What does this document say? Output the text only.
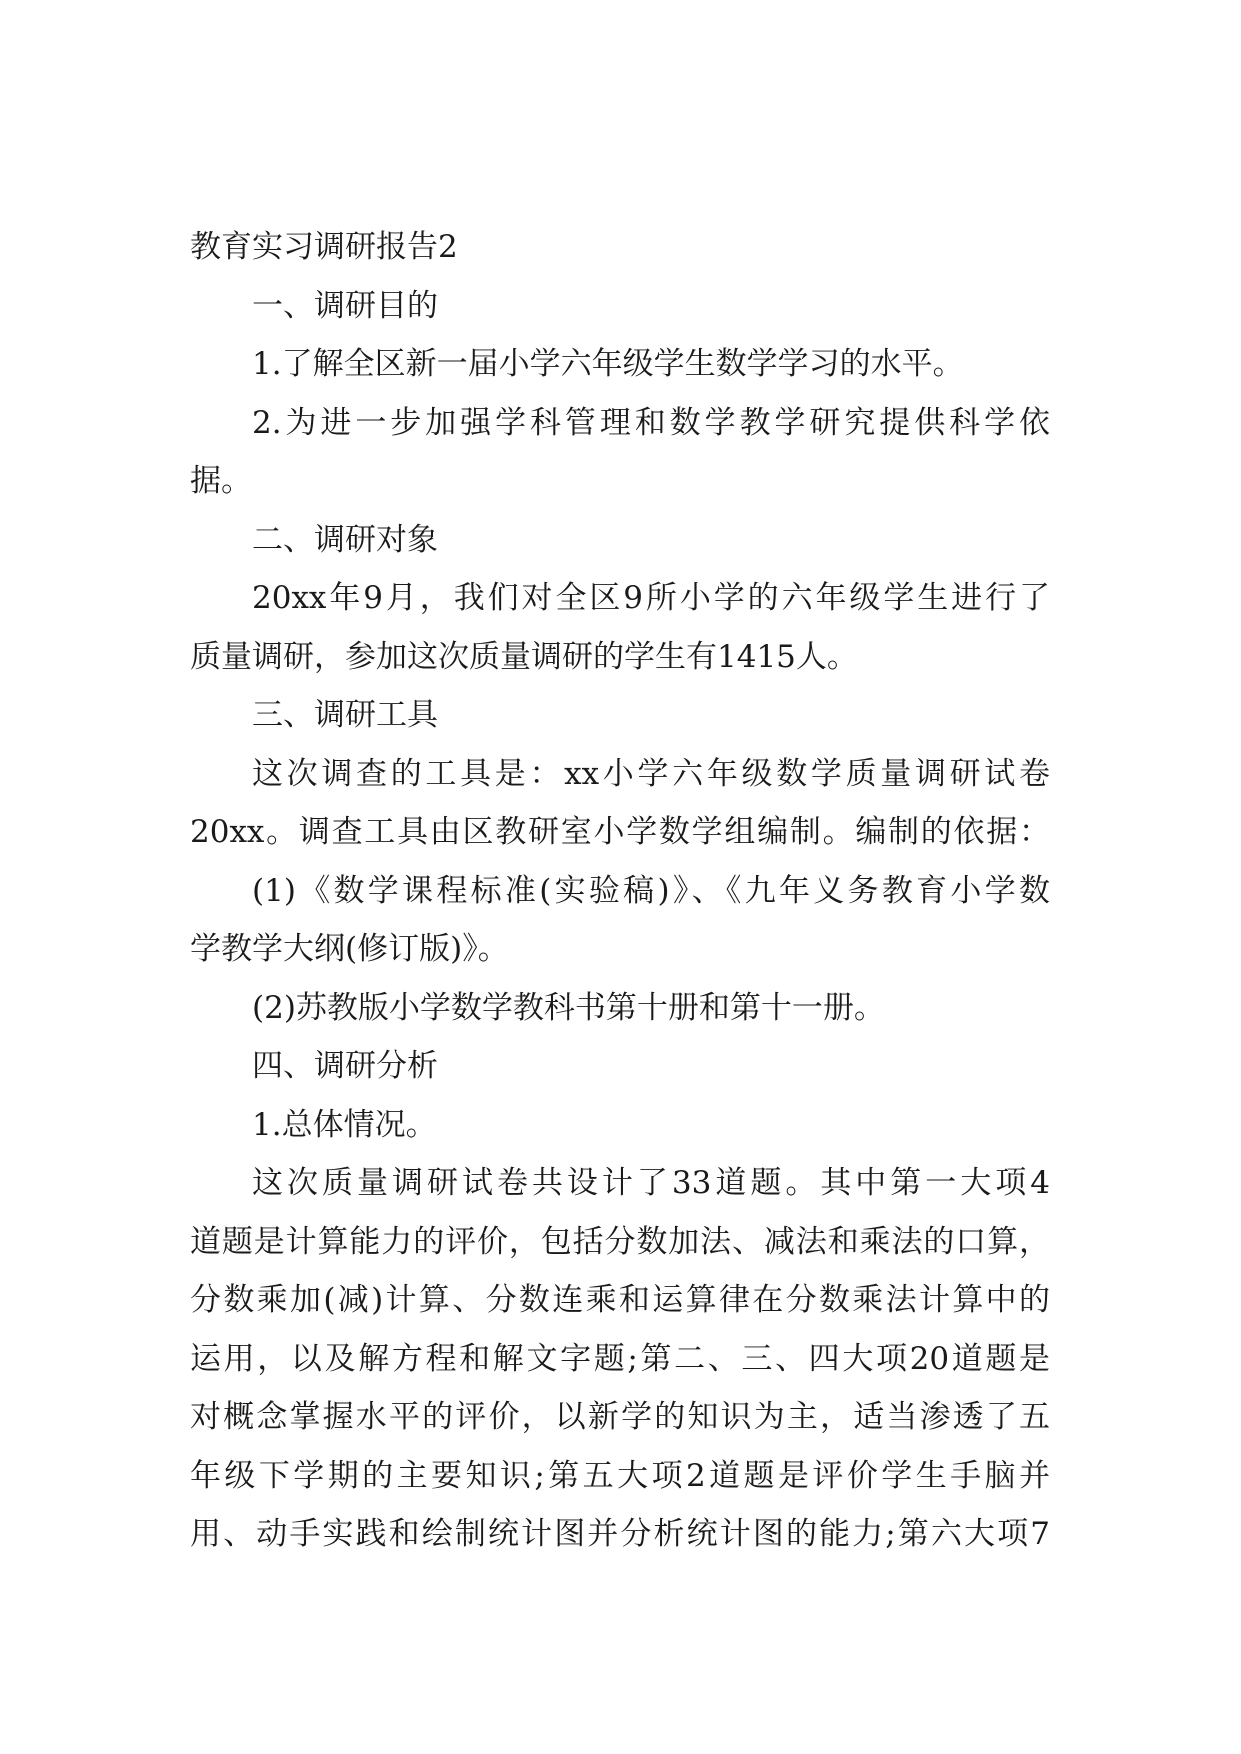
教育实习调研报告2
一、调研目的
1.了解全区新一届小学六年级学生数学学习的水平。
2.为进一步加强学科管理和数学教学研究提供科学依
据。
二、调研对象
20xx年9月，我们对全区9所小学的六年级学生进行了
质量调研，参加这次质量调研的学生有1415人。
三、调研工具
这次调查的工具是：xx小学六年级数学质量调研试卷
20xx。调查工具由区教研室小学数学组编制。编制的依据：
(1)《数学课程标准(实验稿)》、《九年义务教育小学数
学教学大纲(修订版)》。
(2)苏教版小学数学教科书第十册和第十一册。
四、调研分析
1.总体情况。
这次质量调研试卷共设计了33道题。其中第一大项4
道题是计算能力的评价，包括分数加法、减法和乘法的口算，
分数乘加(减)计算、分数连乘和运算律在分数乘法计算中的
运用，以及解方程和解文字题;第二、三、四大项20道题是
对概念掌握水平的评价，以新学的知识为主，适当渗透了五
年级下学期的主要知识;第五大项2道题是评价学生手脑并
用、动手实践和绘制统计图并分析统计图的能力;第六大项7
